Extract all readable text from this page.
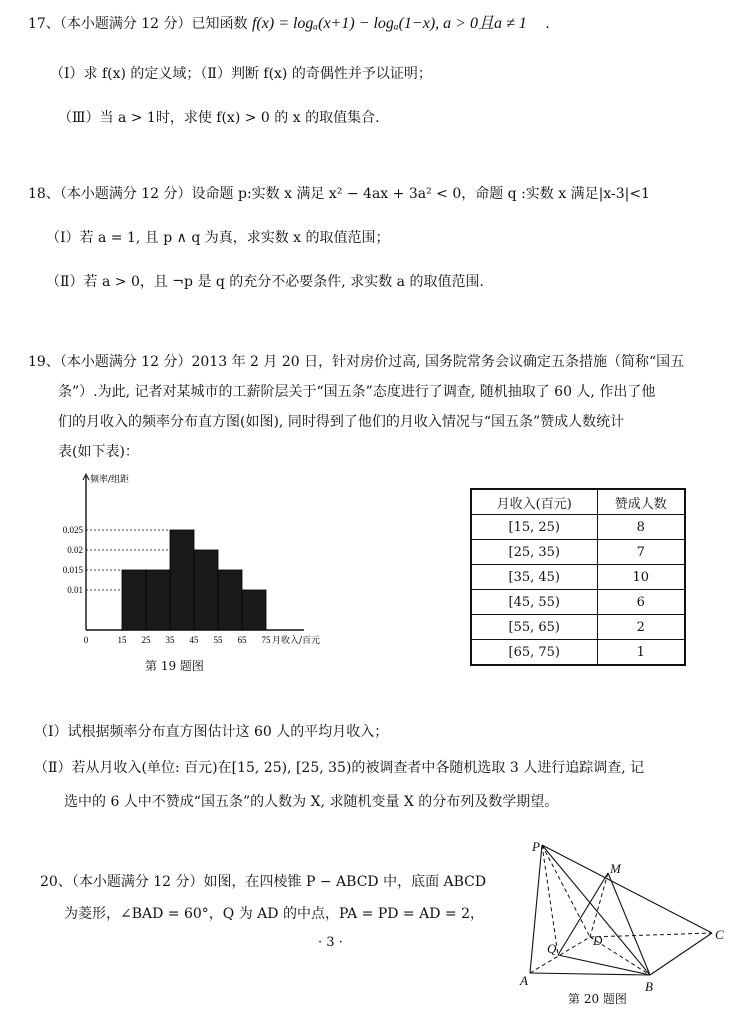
17、（本小题满分 12 分）已知函数 f(x) = logₐ(x+1) − logₐ(1−x), a > 0且a ≠ 1 .
（Ⅰ）求 f(x) 的定义域；（Ⅱ）判断 f(x) 的奇偶性并予以证明；
（Ⅲ）当 a > 1时，求使 f(x) > 0 的 x 的取值集合.
18、（本小题满分 12 分）设命题 p:实数 x 满足 x² − 4ax + 3a² < 0，命题 q :实数 x 满足|x-3|<1
（Ⅰ）若 a = 1, 且 p ∧ q 为真，求实数 x 的取值范围；
（Ⅱ）若 a > 0，且 ¬p 是 q 的充分不必要条件, 求实数 a 的取值范围.
19、（本小题满分 12 分）2013 年 2 月 20 日，针对房价过高, 国务院常务会议确定五条措施（简称“国五
条”）.为此, 记者对某城市的工薪阶层关于“国五条”态度进行了调查, 随机抽取了 60 人, 作出了他
们的月收入的频率分布直方图(如图), 同时得到了他们的月收入情况与“国五条”赞成人数统计
表(如下表)：
0.01
0.015
0.02
0.025
0	15 25 35 45 55 65 75
频率/组距
月收入/百元
第 19 题图
月收入(百元)	赞成人数
[15, 25)	8
[25, 35)	7
[35, 45)	10
[45, 55)	6
[55, 65)	2
[65, 75)	1
（Ⅰ）试根据频率分布直方图估计这 60 人的平均月收入；
（Ⅱ）若从月收入(单位: 百元)在[15, 25), [25, 35)的被调查者中各随机选取 3 人进行追踪调查, 记
选中的 6 人中不赞成“国五条”的人数为 X, 求随机变量 X 的分布列及数学期望。
20、（本小题满分 12 分）如图，在四棱锥 P − ABCD 中，底面 ABCD
为菱形，∠BAD = 60°，Q 为 AD 的中点，PA = PD = AD = 2，
· 3 ·
P
M
C
D
Q
A	B
第 20 题图
